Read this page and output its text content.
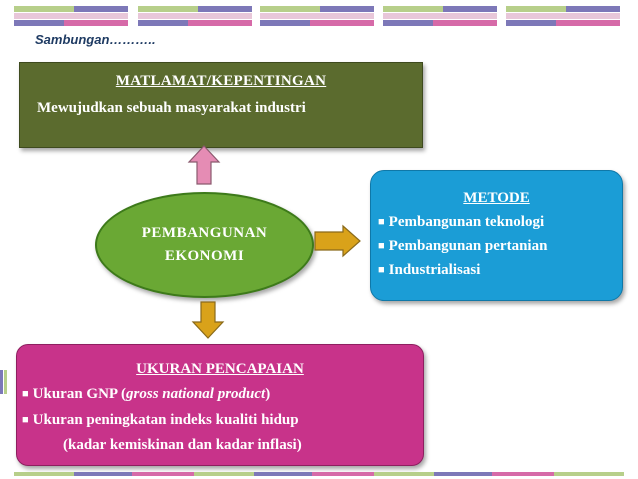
Sambungan………..
MATLAMAT/KEPENTINGAN
Mewujudkan sebuah masyarakat industri
PEMBANGUNAN
EKONOMI
METODE
■ Pembangunan teknologi
■ Pembangunan pertanian
■ Industrialisasi
UKURAN PENCAPAIAN
■ Ukuran GNP (gross national product)
■ Ukuran peningkatan indeks kualiti hidup
(kadar kemiskinan dan kadar inflasi)
